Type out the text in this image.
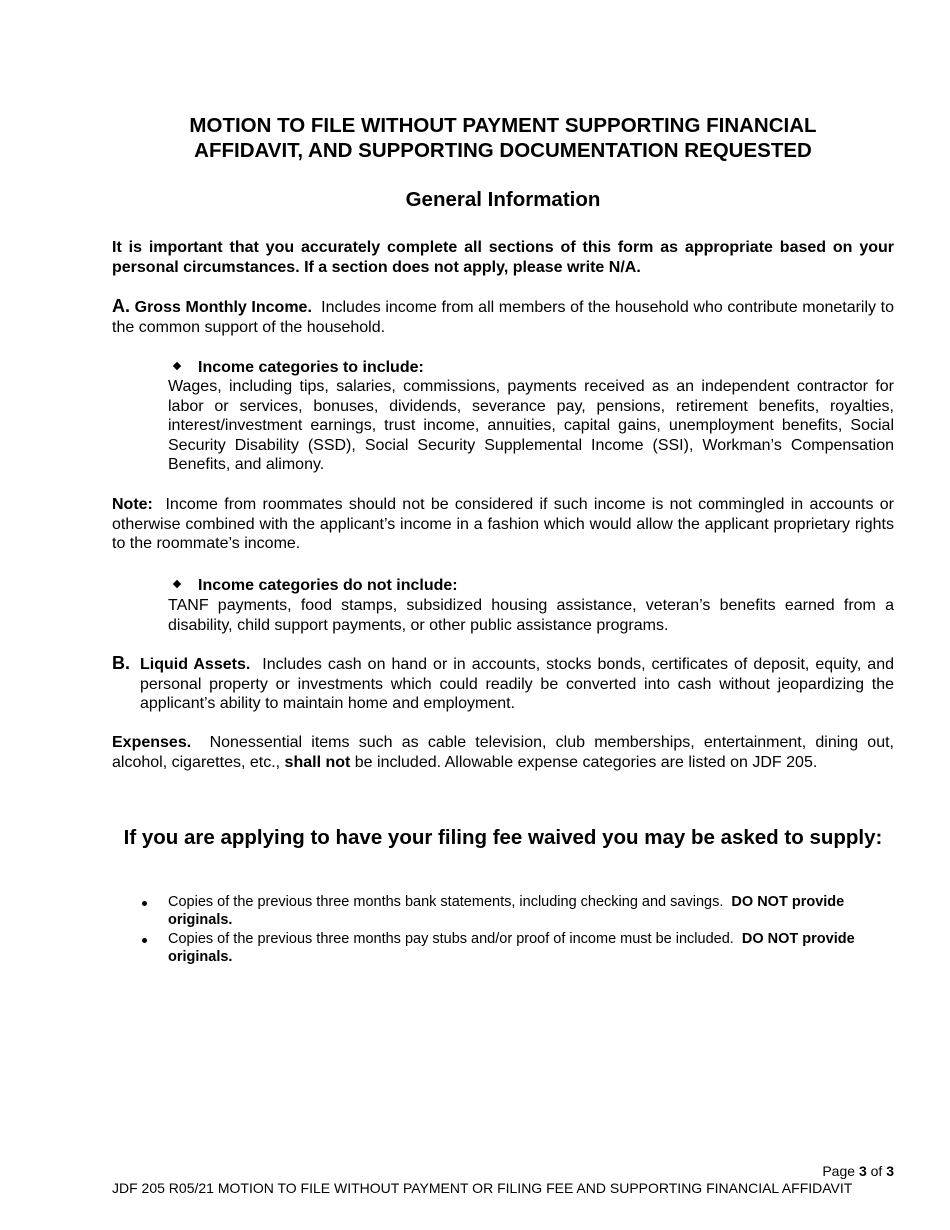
MOTION TO FILE WITHOUT PAYMENT SUPPORTING FINANCIAL
AFFIDAVIT, AND SUPPORTING DOCUMENTATION REQUESTED
General Information

It is important that you accurately complete all sections of this form as appropriate based on your personal circumstances. If a section does not apply, please write N/A.

A. Gross Monthly Income. Includes income from all members of the household who contribute monetarily to the common support of the household.

Income categories to include:

Wages, including tips, salaries, commissions, payments received as an independent contractor for labor or services, bonuses, dividends, severance pay, pensions, retirement benefits, royalties, interest/investment earnings, trust income, annuities, capital gains, unemployment benefits, Social Security Disability (SSD), Social Security Supplemental Income (SSI), Workman’s Compensation Benefits, and alimony.

Note: Income from roommates should not be considered if such income is not commingled in accounts or otherwise combined with the applicant’s income in a fashion which would allow the applicant proprietary rights to the roommate’s income.

Income categories do not include:

TANF payments, food stamps, subsidized housing assistance, veteran’s benefits earned from a disability, child support payments, or other public assistance programs.

B. Liquid Assets. Includes cash on hand or in accounts, stocks bonds, certificates of deposit, equity, and personal property or investments which could readily be converted into cash without jeopardizing the applicant’s ability to maintain home and employment.

Expenses. Nonessential items such as cable television, club memberships, entertainment, dining out, alcohol, cigarettes, etc., shall not be included. Allowable expense categories are listed on JDF 205.

If you are applying to have your filing fee waived you may be asked to supply:

Copies of the previous three months bank statements, including checking and savings. DO NOT provide originals.

Copies of the previous three months pay stubs and/or proof of income must be included. DO NOT provide originals.

Page 3 of 3
JDF 205 R05/21 MOTION TO FILE WITHOUT PAYMENT OR FILING FEE AND SUPPORTING FINANCIAL AFFIDAVIT
